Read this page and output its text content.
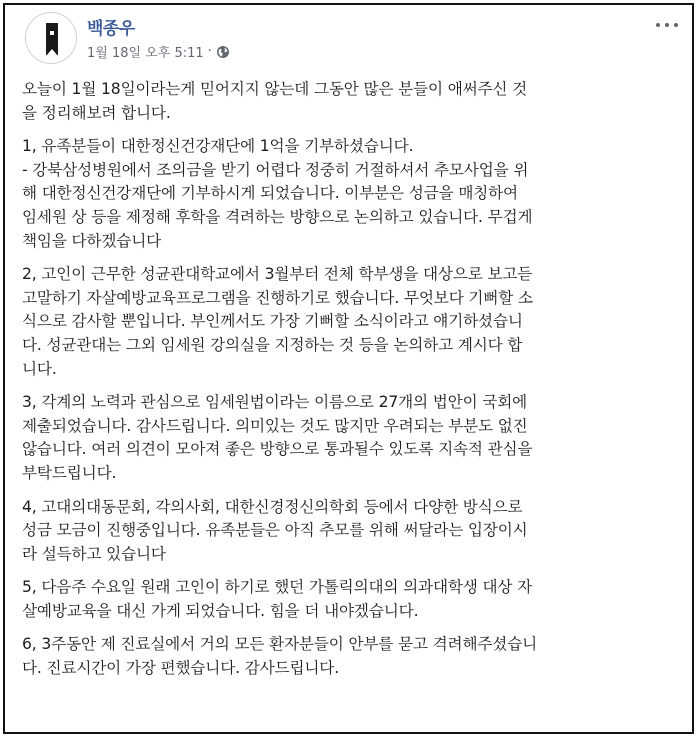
백종우
1월 18일 오후 5:11 ·

오늘이 1월 18일이라는게 믿어지지 않는데 그동안 많은 분들이 애써주신 것
을 정리해보려 합니다.

1, 유족분들이 대한정신건강재단에 1억을 기부하셨습니다.
- 강북삼성병원에서 조의금을 받기 어렵다 정중히 거절하셔서 추모사업을 위
해 대한정신건강재단에 기부하시게 되었습니다. 이부분은 성금을 매칭하여
임세원 상 등을 제정해 후학을 격려하는 방향으로 논의하고 있습니다. 무겁게
책임을 다하겠습니다

2, 고인이 근무한 성균관대학교에서 3월부터 전체 학부생을 대상으로 보고듣
고말하기 자살예방교육프로그램을 진행하기로 했습니다. 무엇보다 기뻐할 소
식으로 감사할 뿐입니다. 부인께서도 가장 기뻐할 소식이라고 얘기하셨습니
다. 성균관대는 그외 임세원 강의실을 지정하는 것 등을 논의하고 계시다 합
니다.

3, 각계의 노력과 관심으로 임세원법이라는 이름으로 27개의 법안이 국회에
제출되었습니다. 감사드립니다. 의미있는 것도 많지만 우려되는 부분도 없진
않습니다. 여러 의견이 모아져 좋은 방향으로 통과될수 있도록 지속적 관심을
부탁드립니다.

4, 고대의대동문회, 각의사회, 대한신경정신의학회 등에서 다양한 방식으로
성금 모금이 진행중입니다. 유족분들은 아직 추모를 위해 써달라는 입장이시
라 설득하고 있습니다

5, 다음주 수요일 원래 고인이 하기로 했던 가톨릭의대의 의과대학생 대상 자
살예방교육을 대신 가게 되었습니다. 힘을 더 내야겠습니다.

6, 3주동안 제 진료실에서 거의 모든 환자분들이 안부를 묻고 격려해주셨습니
다. 진료시간이 가장 편했습니다. 감사드립니다.
